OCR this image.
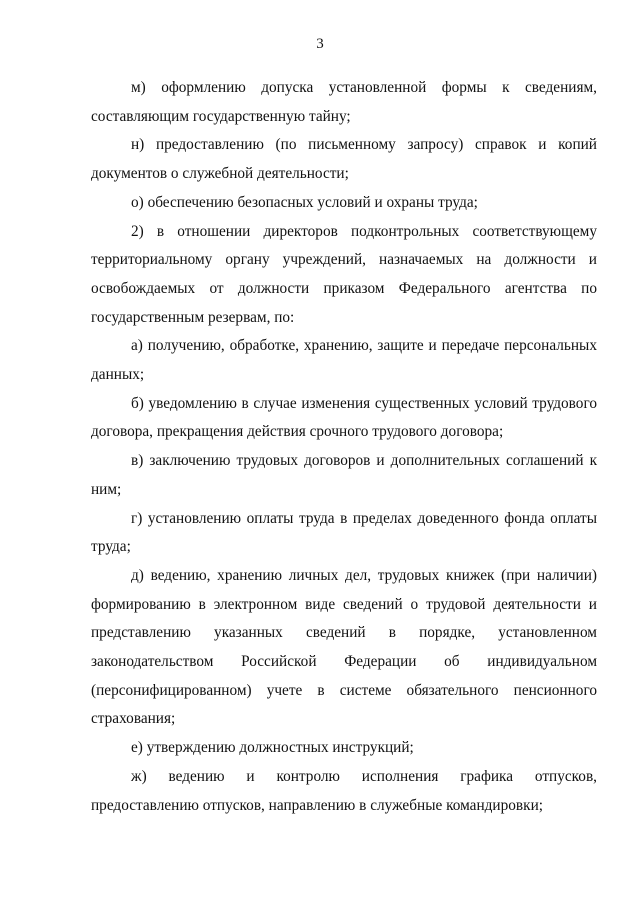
3

м) оформлению допуска установленной формы к сведениям, составляющим государственную тайну;

н) предоставлению (по письменному запросу) справок и копий документов о служебной деятельности;

о) обеспечению безопасных условий и охраны труда;

2) в отношении директоров подконтрольных соответствующему территориальному органу учреждений, назначаемых на должности и освобождаемых от должности приказом Федерального агентства по государственным резервам, по:

а) получению, обработке, хранению, защите и передаче персональных данных;

б) уведомлению в случае изменения существенных условий трудового договора, прекращения действия срочного трудового договора;

в) заключению трудовых договоров и дополнительных соглашений к ним;

г) установлению оплаты труда в пределах доведенного фонда оплаты труда;

д) ведению, хранению личных дел, трудовых книжек (при наличии) формированию в электронном виде сведений о трудовой деятельности и представлению указанных сведений в порядке, установленном законодательством Российской Федерации об индивидуальном (персонифицированном) учете в системе обязательного пенсионного страхования;

е) утверждению должностных инструкций;

ж) ведению и контролю исполнения графика отпусков, предоставлению отпусков, направлению в служебные командировки;
